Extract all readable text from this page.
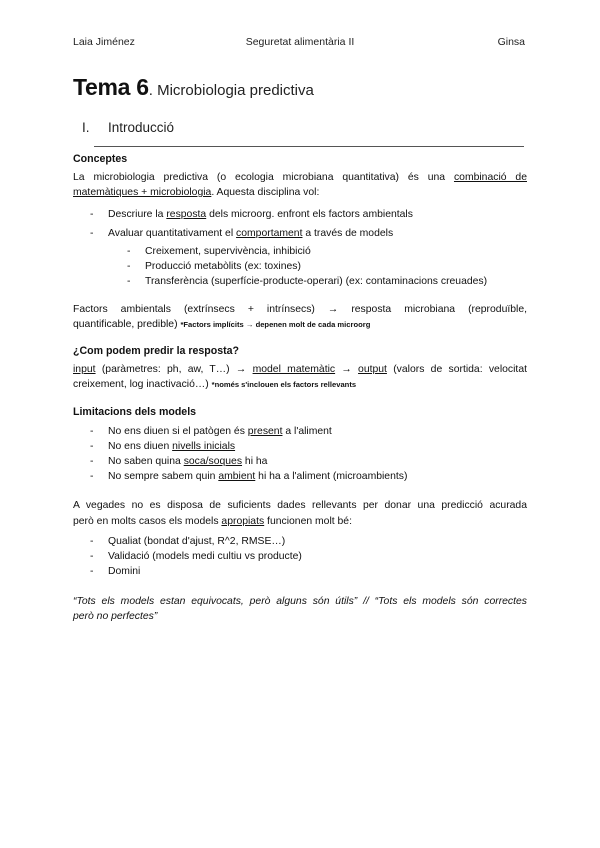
Laia Jiménez	Seguretat alimentària II	Ginsa
Tema 6. Microbiologia predictiva
I. Introducció
Conceptes
La microbiologia predictiva (o ecologia microbiana quantitativa) és una combinació de
matemàtiques + microbiologia. Aquesta disciplina vol:
- Descriure la resposta dels microorg. enfront els factors ambientals
- Avaluar quantitativament el comportament a través de models
- Creixement, supervivència, inhibició
- Producció metabòlits (ex: toxines)
- Transferència (superfície-producte-operari) (ex: contaminacions creuades)
Factors ambientals (extrínsecs + intrínsecs) → resposta microbiana (reproduïble,
quantificable, predible) *Factors implícits → depenen molt de cada microorg
¿Com podem predir la resposta?
input (paràmetres: ph, aw, T…) → model matemàtic → output (valors de sortida: velocitat
creixement, log inactivació…) *només s'inclouen els factors rellevants
Limitacions dels models
- No ens diuen si el patògen és present a l'aliment
- No ens diuen nivells inicials
- No saben quina soca/soques hi ha
- No sempre sabem quin ambient hi ha a l'aliment (microambients)
A vegades no es disposa de suficients dades rellevants per donar una predicció acurada
però en molts casos els models apropiats funcionen molt bé:
- Qualiat (bondat d'ajust, R^2, RMSE…)
- Validació (models medi cultiu vs producte)
- Domini
“Tots els models estan equivocats, però alguns són útils” // “Tots els models són correctes
però no perfectes”
